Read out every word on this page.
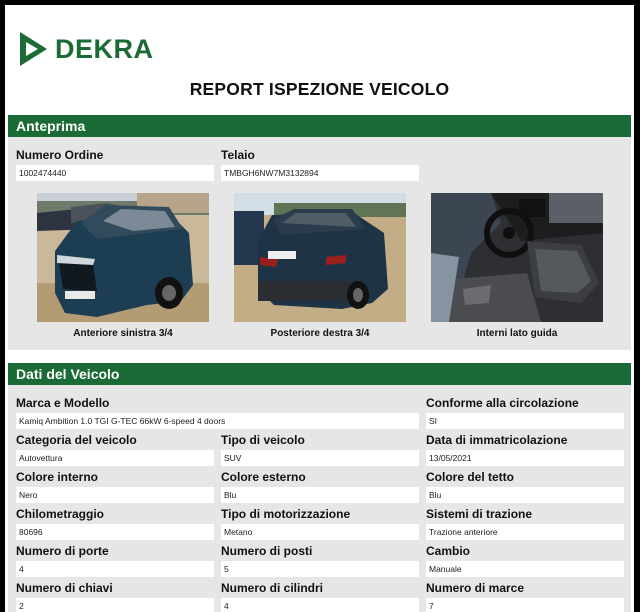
DEKRA
REPORT ISPEZIONE VEICOLO
Anteprima
Numero Ordine
1002474440
Telaio
TMBGH6NW7M3132894
Anteriore sinistra 3/4	Posteriore destra 3/4	Interni lato guida
Dati del Veicolo
Marca e Modello
Kamiq Ambition 1.0 TGI G-TEC 66kW 6-speed 4 doors
Conforme alla circolazione
SI
Categoria del veicolo
Autovettura
Tipo di veicolo
SUV
Data di immatricolazione
13/05/2021
Colore interno
Nero
Colore esterno
Blu
Colore del tetto
Blu
Chilometraggio
80696
Tipo di motorizzazione
Metano
Sistemi di trazione
Trazione anteriore
Numero di porte
4
Numero di posti
5
Cambio
Manuale
Numero di chiavi
2
Numero di cilindri
4
Numero di marce
7
